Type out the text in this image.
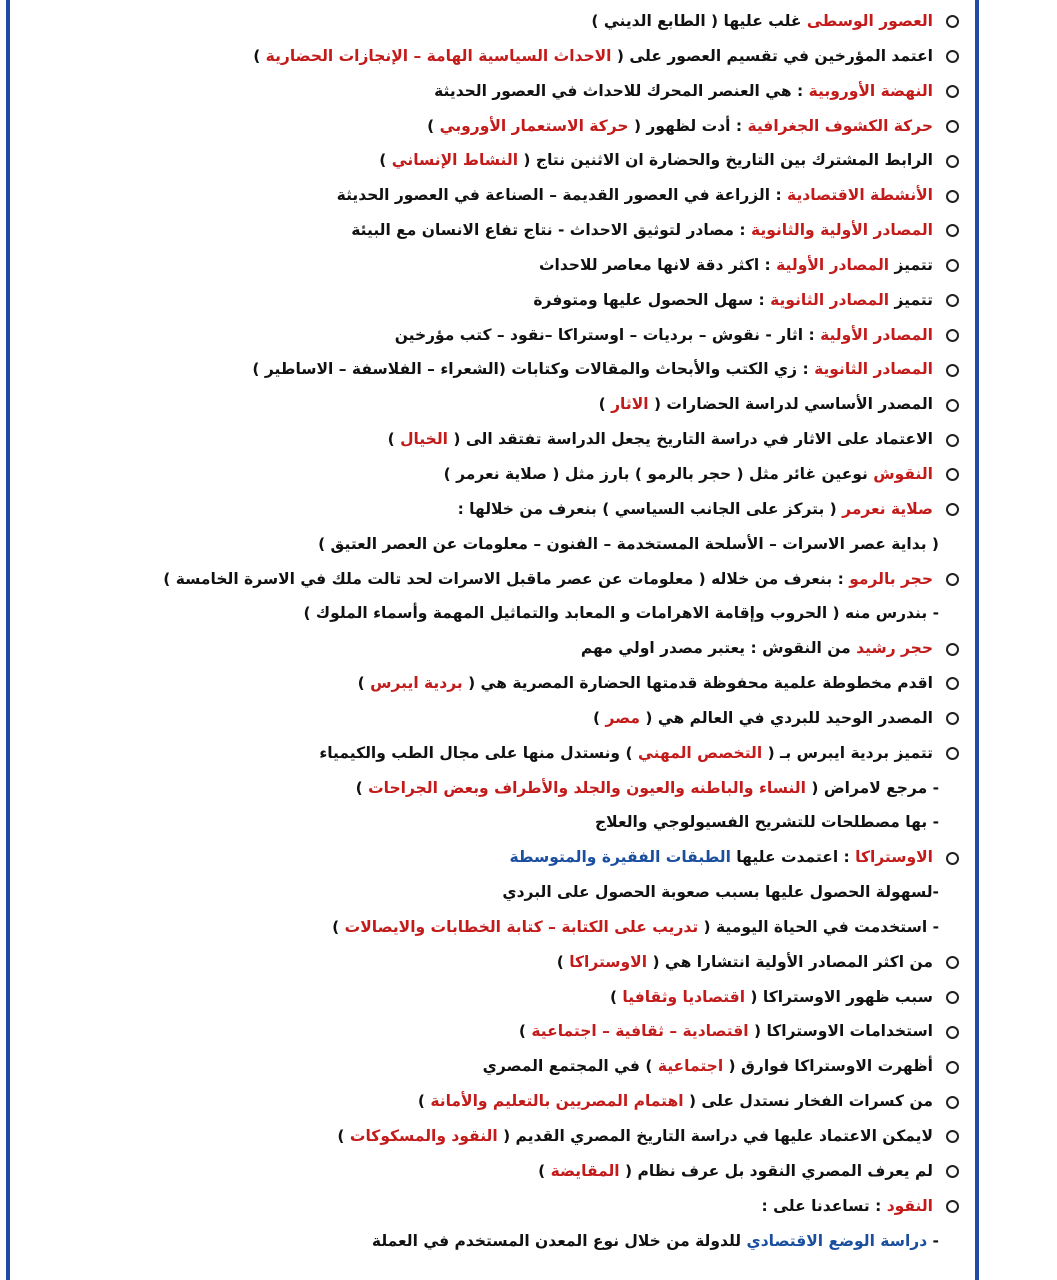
العصور الوسطى غلب عليها ( الطابع الديني )
اعتمد المؤرخين في تقسيم العصور على ( الاحداث السياسية الهامة – الإنجازات الحضارية )
النهضة الأوروبية : هي العنصر المحرك للاحداث في العصور الحديثة
حركة الكشوف الجغرافية : أدت لظهور ( حركة الاستعمار الأوروبي )
الرابط المشترك بين التاريخ والحضارة ان الاثنين نتاج ( النشاط الإنساني )
الأنشطة الاقتصادية : الزراعة في العصور القديمة – الصناعة في العصور الحديثة
المصادر الأولية والثانوية : مصادر لتوثيق الاحداث - نتاج تفاع الانسان مع البيئة
تتميز المصادر الأولية : اكثر دقة لانها معاصر للاحداث
تتميز المصادر الثانوية : سهل الحصول عليها ومتوفرة
المصادر الأولية : اثار - نقوش – برديات – اوستراكا –نقود – كتب مؤرخين
المصادر الثانوية : زي الكتب والأبحاث والمقالات وكتابات (الشعراء – الفلاسفة – الاساطير )
المصدر الأساسي لدراسة الحضارات ( الاثار )
الاعتماد على الاثار في دراسة التاريخ يجعل الدراسة تفتقد الى ( الخيال )
النقوش نوعين غائر مثل ( حجر بالرمو ) بارز مثل ( صلاية نعرمر )
صلاية نعرمر ( بتركز على الجانب السياسي ) بنعرف من خلالها :
( بداية عصر الاسرات – الأسلحة المستخدمة – الفنون – معلومات عن العصر العتيق )
حجر بالرمو : بنعرف من خلاله ( معلومات عن عصر ماقبل الاسرات لحد تالت ملك في الاسرة الخامسة )
- بندرس منه ( الحروب وإقامة الاهرامات و المعابد والتماثيل المهمة وأسماء الملوك )
حجر رشيد من النقوش : يعتبر مصدر اولي مهم
اقدم مخطوطة علمية محفوظة قدمتها الحضارة المصرية هي ( بردية ايبرس )
المصدر الوحيد للبردي في العالم هي ( مصر )
تتميز بردية ايبرس بـ ( التخصص المهني ) ونستدل منها على مجال الطب والكيمياء
- مرجع لامراض ( النساء والباطنه والعيون والجلد والأطراف وبعض الجراحات )
- بها مصطلحات للتشريح الفسيولوجي والعلاج
الاوستراكا : اعتمدت عليها الطبقات الفقيرة والمتوسطة
-لسهولة الحصول عليها بسبب صعوبة الحصول على البردي
- استخدمت في الحياة اليومية ( تدريب على الكتابة – كتابة الخطابات والايصالات )
من اكثر المصادر الأولية انتشارا هي ( الاوستراكا )
سبب ظهور الاوستراكا ( اقتصاديا وثقافيا )
استخدامات الاوستراكا ( اقتصادية – ثقافية – اجتماعية )
أظهرت الاوستراكا فوارق ( اجتماعية ) في المجتمع المصري
من كسرات الفخار نستدل على ( اهتمام المصريين بالتعليم والأمانة )
لايمكن الاعتماد عليها في دراسة التاريخ المصري القديم ( النقود والمسكوكات )
لم يعرف المصري النقود بل عرف نظام ( المقايضة )
النقود : تساعدنا على :
- دراسة الوضع الاقتصادي للدولة من خلال نوع المعدن المستخدم في العملة
